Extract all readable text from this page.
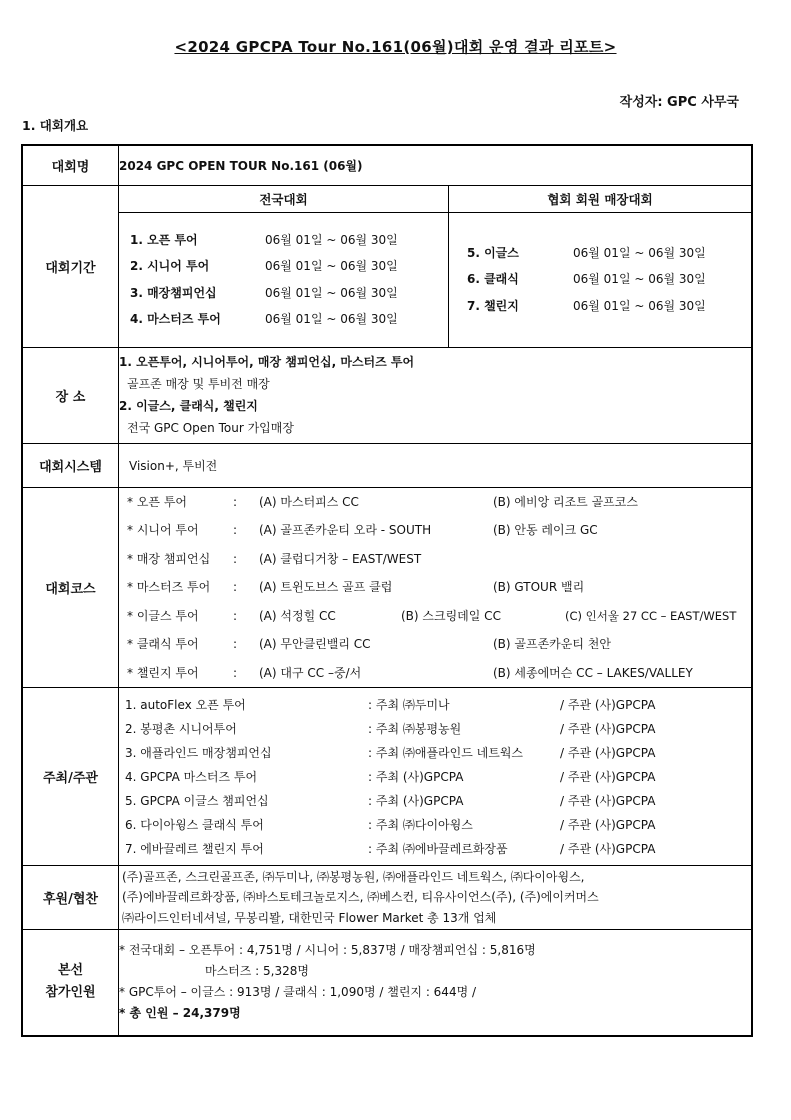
<2024 GPCPA Tour No.161(06월)대회 운영 결과 리포트>
작성자: GPC 사무국
1. 대회개요
대회명	2024 GPC OPEN TOUR No.161 (06월)
대회기간	
전국대회	협회 회원 매장대회

1. 오픈 투어	06월 01일 ~ 06월 30일
2. 시니어 투어	06월 01일 ~ 06월 30일
3. 매장챔피언십	06월 01일 ~ 06월 30일
4. 마스터즈 투어	06월 01일 ~ 06월 30일

5. 이글스	06월 01일 ~ 06월 30일
6. 클래식	06월 01일 ~ 06월 30일
7. 챌린지	06월 01일 ~ 06월 30일

장 소	
1. 오픈투어, 시니어투어, 매장 챔피언십, 마스터즈 투어
골프존 매장 및 투비전 매장
2. 이글스, 클래식, 챌린지
전국 GPC Open Tour 가입매장

대회시스템	Vision+, 투비전
대회코스	
* 오픈 투어	: (A) 마스터피스 CC	(B) 에비앙 리조트 골프코스
* 시니어 투어	: (A) 골프존카운티 오라 - SOUTH	(B) 안동 레이크 GC
* 매장 챔피언십	: (A) 클럽디거창 – EAST/WEST
* 마스터즈 투어	: (A) 트윈도브스 골프 클럽	(B) GTOUR 밸리
* 이글스 투어	: (A) 석정힐 CC	(B) 스크링데일 CC	(C) 인서울 27 CC – EAST/WEST
* 클래식 투어	: (A) 무안클린밸리 CC	(B) 골프존카운티 천안
* 챌린지 투어	: (A) 대구 CC –중/서	(B) 세종에머슨 CC – LAKES/VALLEY

주최/주관	
1. autoFlex 오픈 투어	: 주최 ㈜두미나	/ 주관 (사)GPCPA
2. 봉평촌 시니어투어	: 주최 ㈜봉평농원	/ 주관 (사)GPCPA
3. 애플라인드 매장챔피언십	: 주최 ㈜애플라인드 네트웍스	/ 주관 (사)GPCPA
4. GPCPA 마스터즈 투어	: 주최 (사)GPCPA	/ 주관 (사)GPCPA
5. GPCPA 이글스 챔피언십	: 주최 (사)GPCPA	/ 주관 (사)GPCPA
6. 다이아윙스 클래식 투어	: 주최 ㈜다이아윙스	/ 주관 (사)GPCPA
7. 에바끌레르 챌린지 투어	: 주최 ㈜에바끌레르화장품	/ 주관 (사)GPCPA

후원/협찬	
(주)골프존, 스크린골프존, ㈜두미나, ㈜봉평농원, ㈜애플라인드 네트웍스, ㈜다이아윙스,
(주)에바끌레르화장품, ㈜바스토테크놀로지스, ㈜베스컨, 티유사이언스(주), (주)에이커머스
㈜라이드인터네셔널, 무봉리뫌, 대한민국 Flower Market 총 13개 업체

본선
참가인원

* 전국대회 – 오픈투어 : 4,751명 / 시니어 : 5,837명 / 매장챔피언십 : 5,816명
마스터즈 : 5,328명
* GPC투어 – 이글스 : 913명 / 클래식 : 1,090명 / 챌린지 : 644명 /
* 총 인원 – 24,379명
